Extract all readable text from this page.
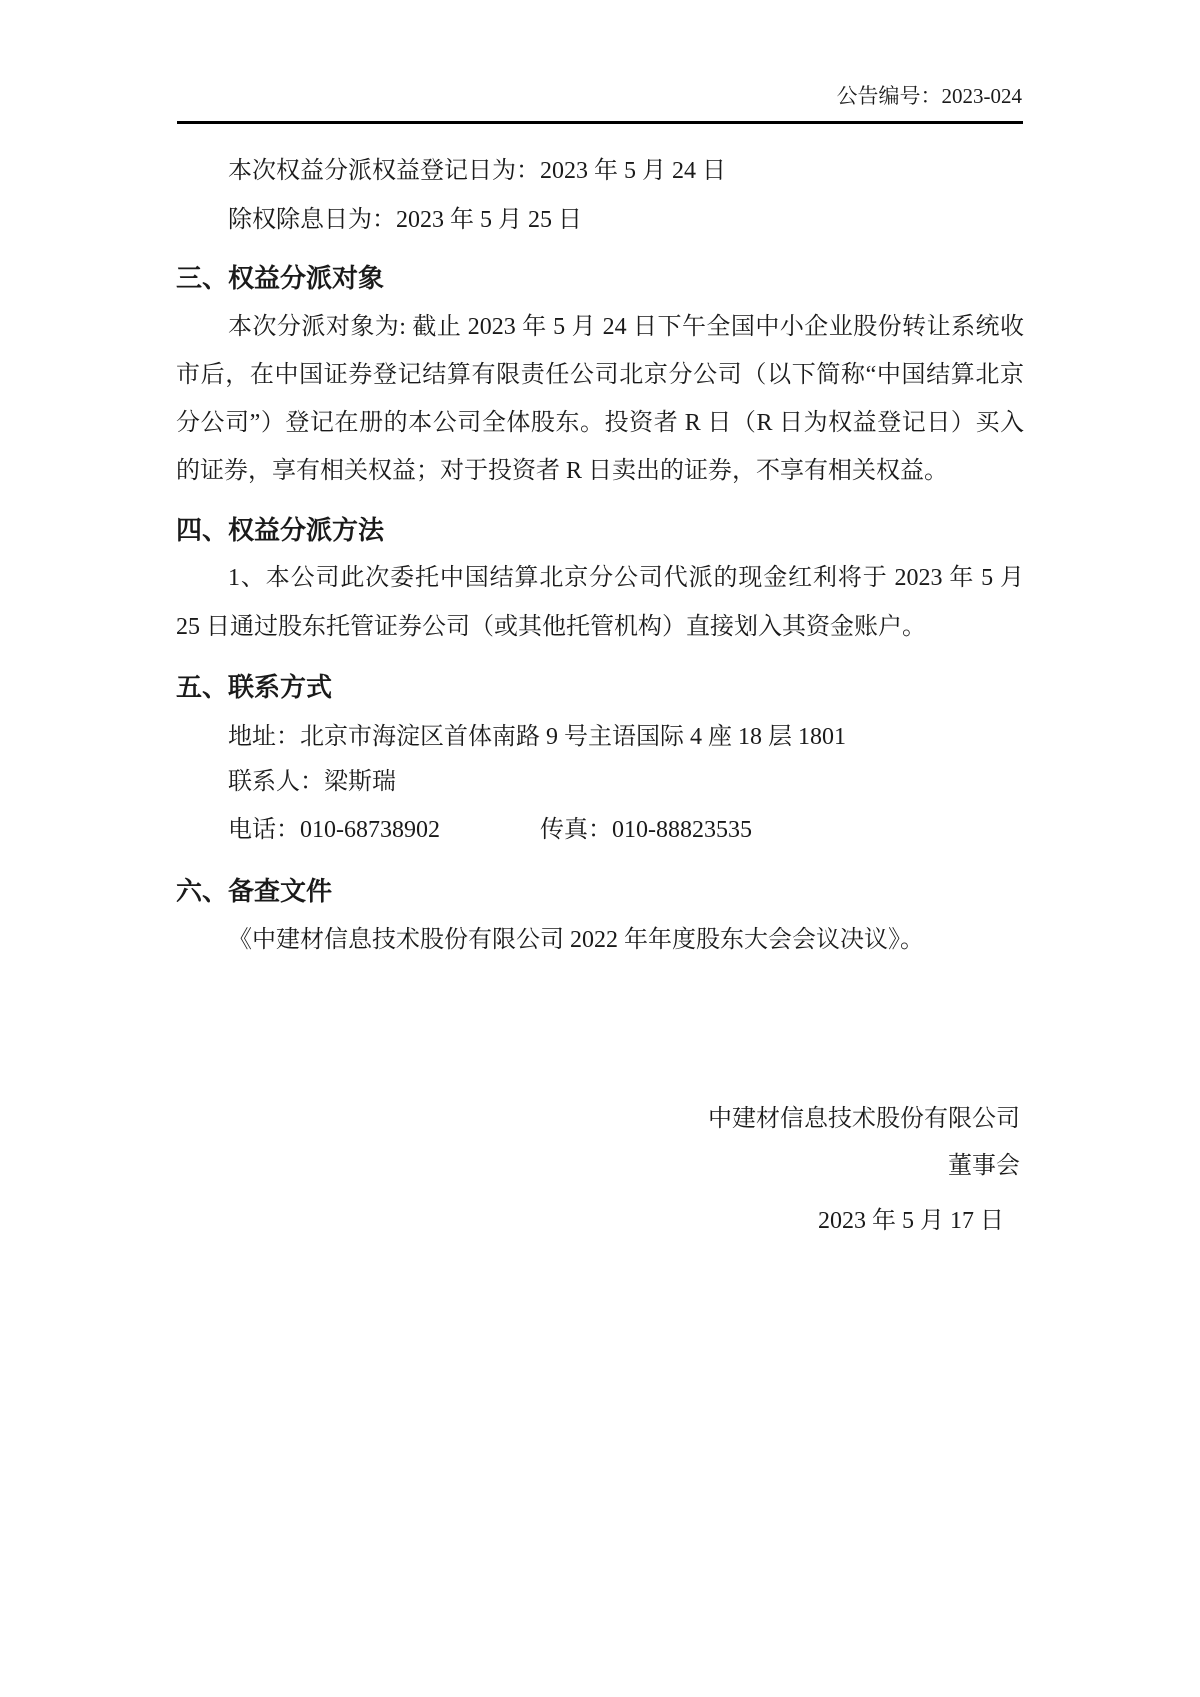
公告编号：2023-024
本次权益分派权益登记日为：2023 年 5 月 24 日
除权除息日为：2023 年 5 月 25 日
三、权益分派对象
本次分派对象为: 截止 2023 年 5 月 24 日下午全国中小企业股份转让系统收
市后，在中国证券登记结算有限责任公司北京分公司（以下简称“中国结算北京
分公司”）登记在册的本公司全体股东。投资者 R 日（R 日为权益登记日）买入
的证券，享有相关权益；对于投资者 R 日卖出的证券，不享有相关权益。
四、权益分派方法
1、本公司此次委托中国结算北京分公司代派的现金红利将于 2023 年 5 月
25 日通过股东托管证券公司（或其他托管机构）直接划入其资金账户。
五、联系方式
地址：北京市海淀区首体南路 9 号主语国际 4 座 18 层 1801
联系人：梁斯瑞
电话：010-68738902	传真：010-88823535
六、备查文件
《中建材信息技术股份有限公司 2022 年年度股东大会会议决议》。
中建材信息技术股份有限公司
董事会
2023 年 5 月 17 日
